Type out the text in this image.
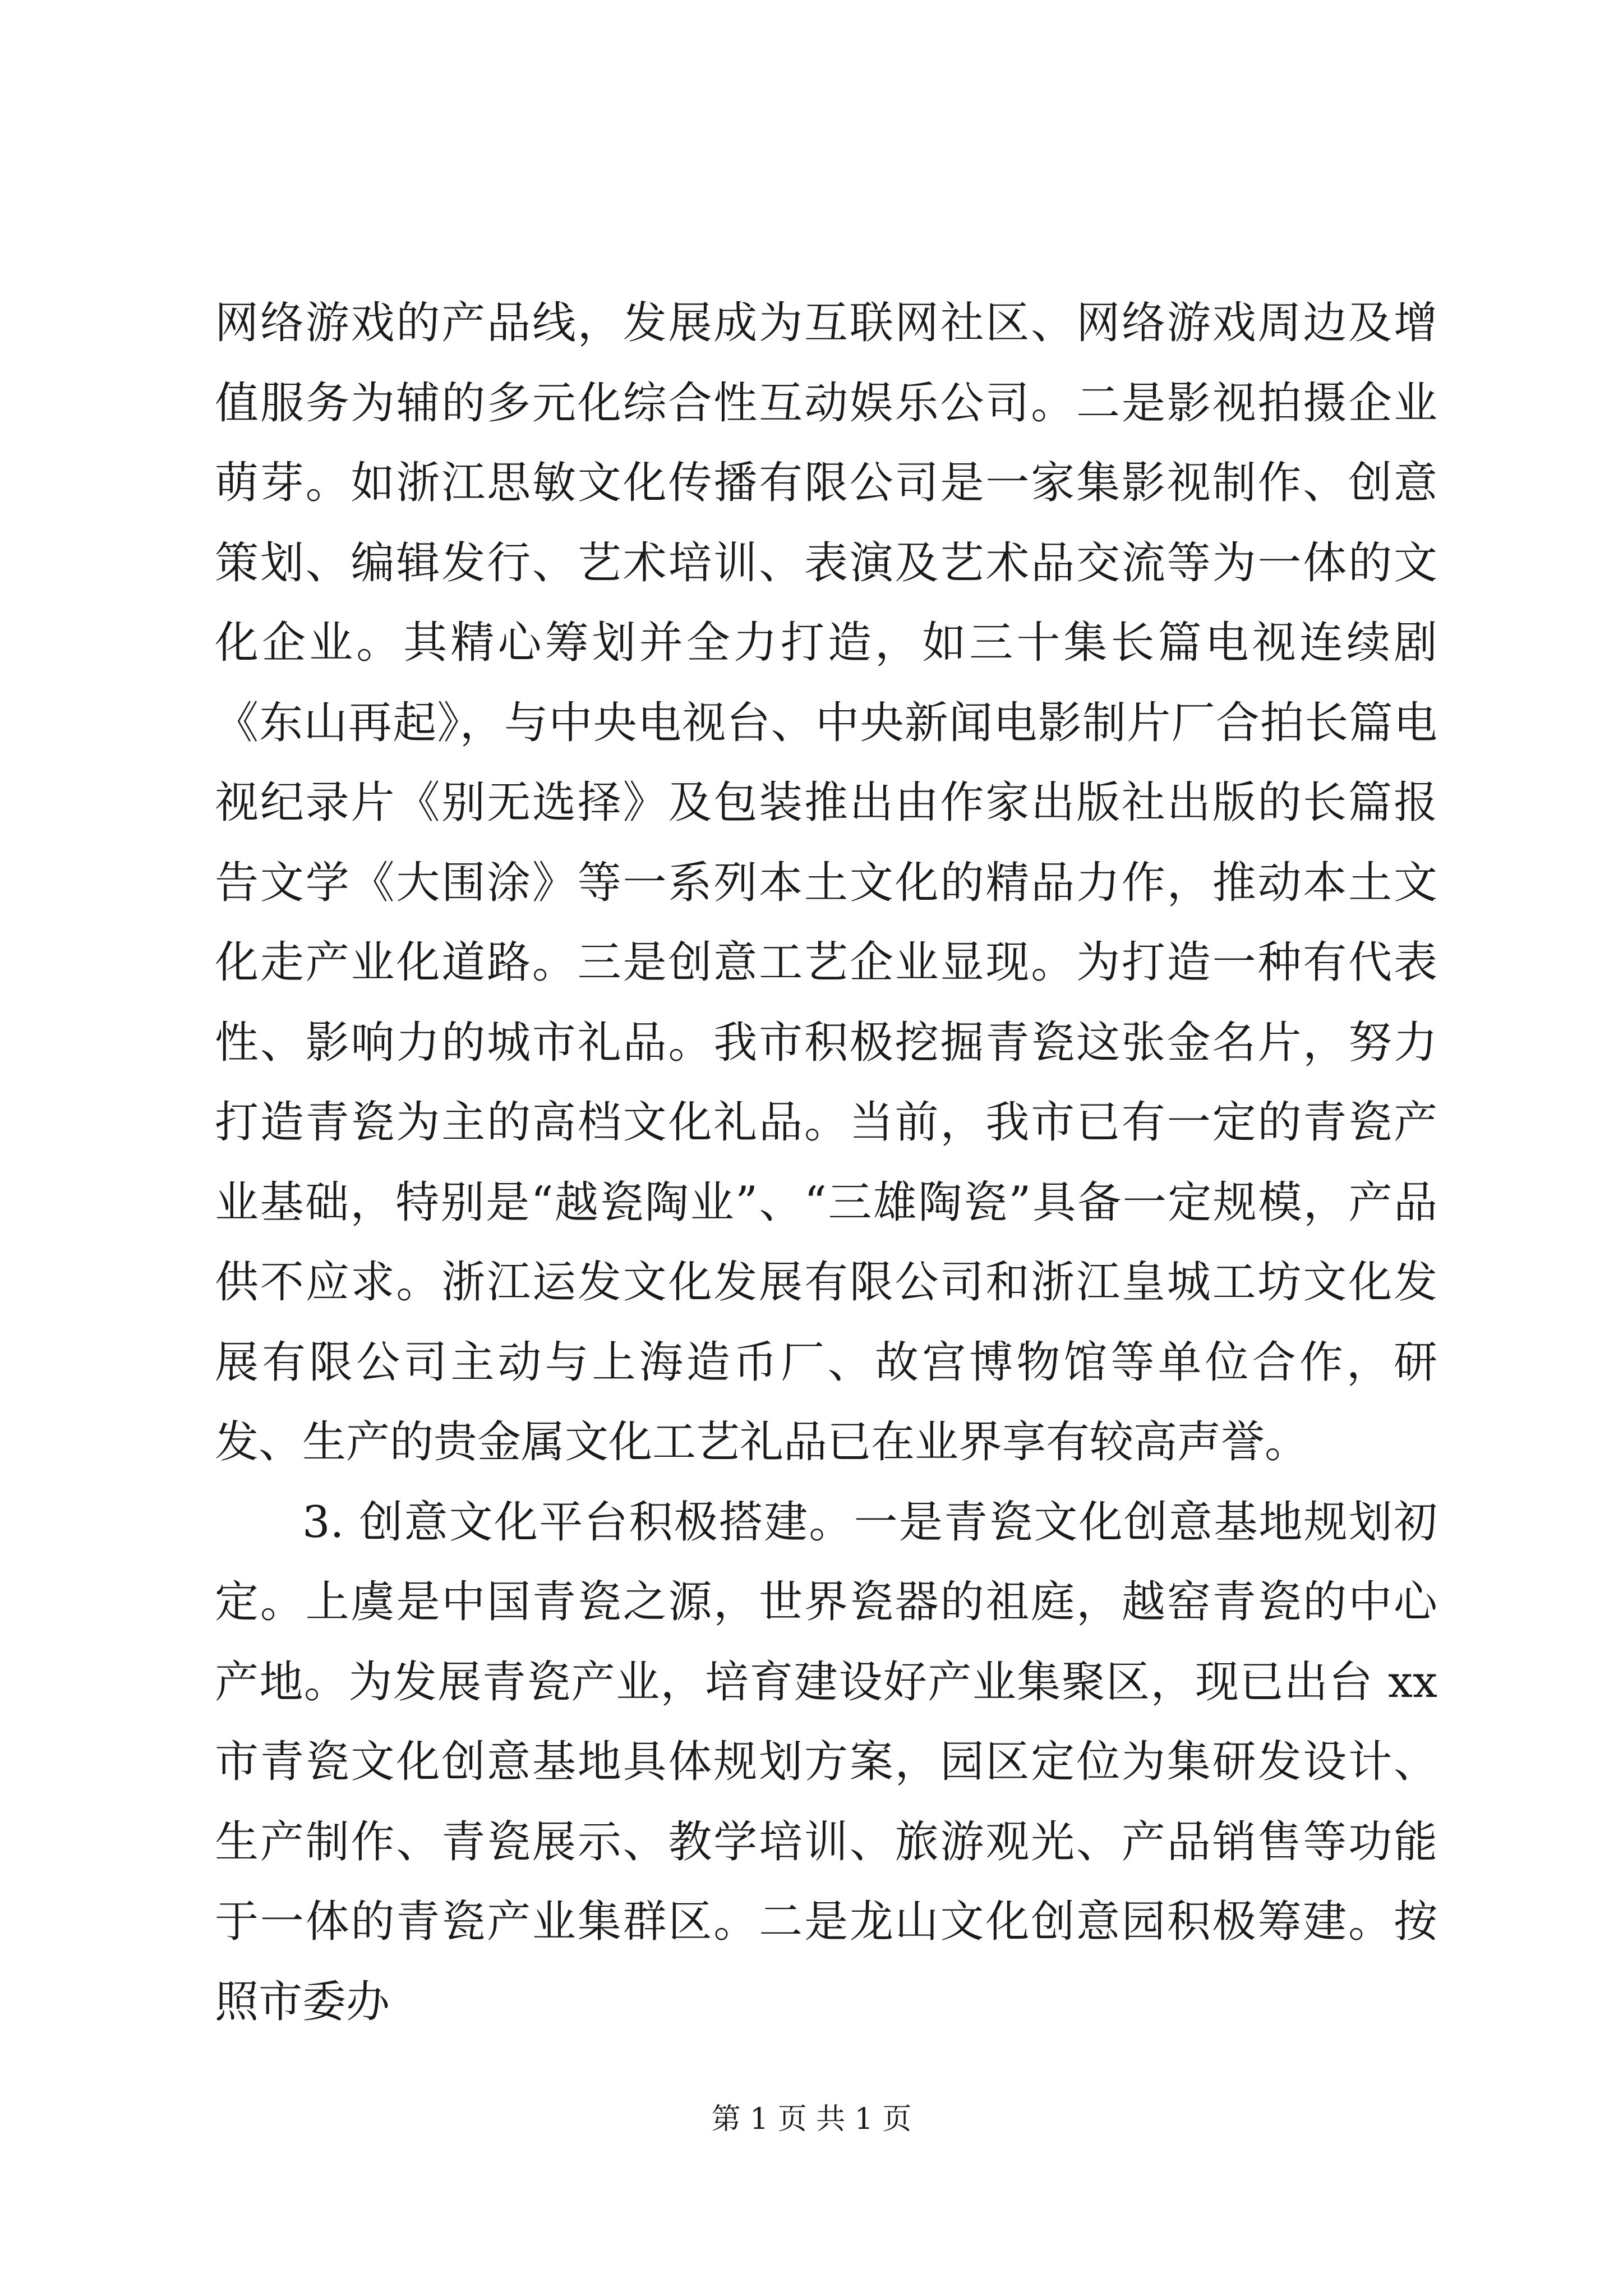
网络游戏的产品线，发展成为互联网社区、网络游戏周边及增值服务为辅的多元化综合性互动娱乐公司。二是影视拍摄企业萌芽。如浙江思敏文化传播有限公司是一家集影视制作、创意策划、编辑发行、艺术培训、表演及艺术品交流等为一体的文化企业。其精心筹划并全力打造，如三十集长篇电视连续剧《东山再起》，与中央电视台、中央新闻电影制片厂合拍长篇电视纪录片《别无选择》及包装推出由作家出版社出版的长篇报告文学《大围涂》等一系列本土文化的精品力作，推动本土文化走产业化道路。三是创意工艺企业显现。为打造一种有代表性、影响力的城市礼品。我市积极挖掘青瓷这张金名片，努力打造青瓷为主的高档文化礼品。当前，我市已有一定的青瓷产业基础，特别是“越瓷陶业”、“三雄陶瓷”具备一定规模，产品供不应求。浙江运发文化发展有限公司和浙江皇城工坊文化发展有限公司主动与上海造币厂、故宫博物馆等单位合作，研发、生产的贵金属文化工艺礼品已在业界享有较高声誉。

3. 创意文化平台积极搭建。一是青瓷文化创意基地规划初定。上虞是中国青瓷之源，世界瓷器的祖庭，越窑青瓷的中心产地。为发展青瓷产业，培育建设好产业集聚区，现已出台 xx 市青瓷文化创意基地具体规划方案，园区定位为集研发设计、生产制作、青瓷展示、教学培训、旅游观光、产品销售等功能于一体的青瓷产业集群区。二是龙山文化创意园积极筹建。按照市委办

第 1 页 共 1 页
